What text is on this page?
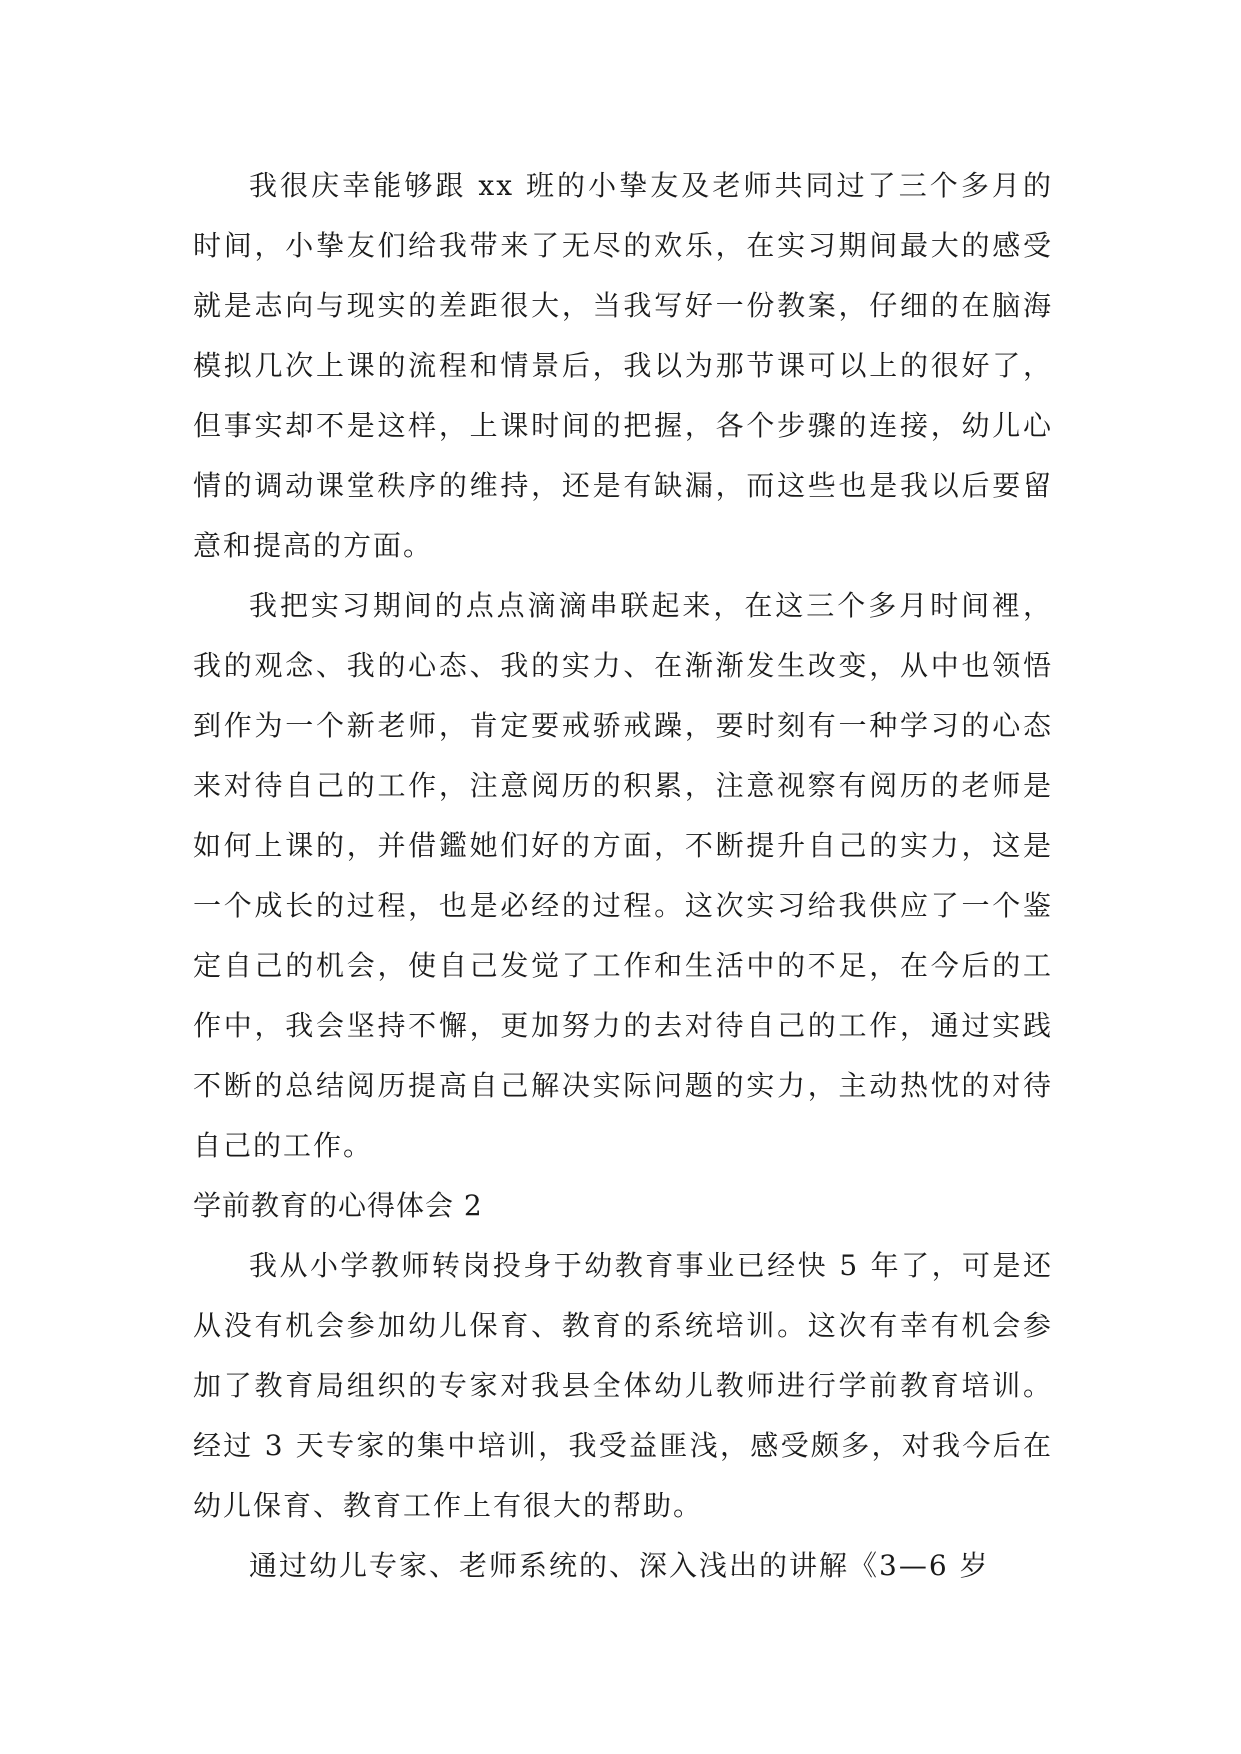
我很庆幸能够跟 xx 班的小挚友及老师共同过了三个多月的时间，小挚友们给我带来了无尽的欢乐，在实习期间最大的感受就是志向与现实的差距很大，当我写好一份教案，仔细的在脑海模拟几次上课的流程和情景后，我以为那节课可以上的很好了，但事实却不是这样，上课时间的把握，各个步骤的连接，幼儿心情的调动课堂秩序的维持，还是有缺漏，而这些也是我以后要留意和提高的方面。

我把实习期间的点点滴滴串联起来，在这三个多月时间裡，我的观念、我的心态、我的实力、在渐渐发生改变，从中也领悟到作为一个新老师，肯定要戒骄戒躁，要时刻有一种学习的心态来对待自己的工作，注意阅历的积累，注意视察有阅历的老师是如何上课的，并借鑑她们好的方面，不断提升自己的实力，这是一个成长的过程，也是必经的过程。这次实习给我供应了一个鉴定自己的机会，使自己发觉了工作和生活中的不足，在今后的工作中，我会坚持不懈，更加努力的去对待自己的工作，通过实践不断的总结阅历提高自己解决实际问题的实力，主动热忱的对待自己的工作。

学前教育的心得体会 2

我从小学教师转岗投身于幼教育事业已经快 5 年了，可是还从没有机会参加幼儿保育、教育的系统培训。这次有幸有机会参加了教育局组织的专家对我县全体幼儿教师进行学前教育培训。经过 3 天专家的集中培训，我受益匪浅，感受颇多，对我今后在幼儿保育、教育工作上有很大的帮助。

通过幼儿专家、老师系统的、深入浅出的讲解《3—6 岁
